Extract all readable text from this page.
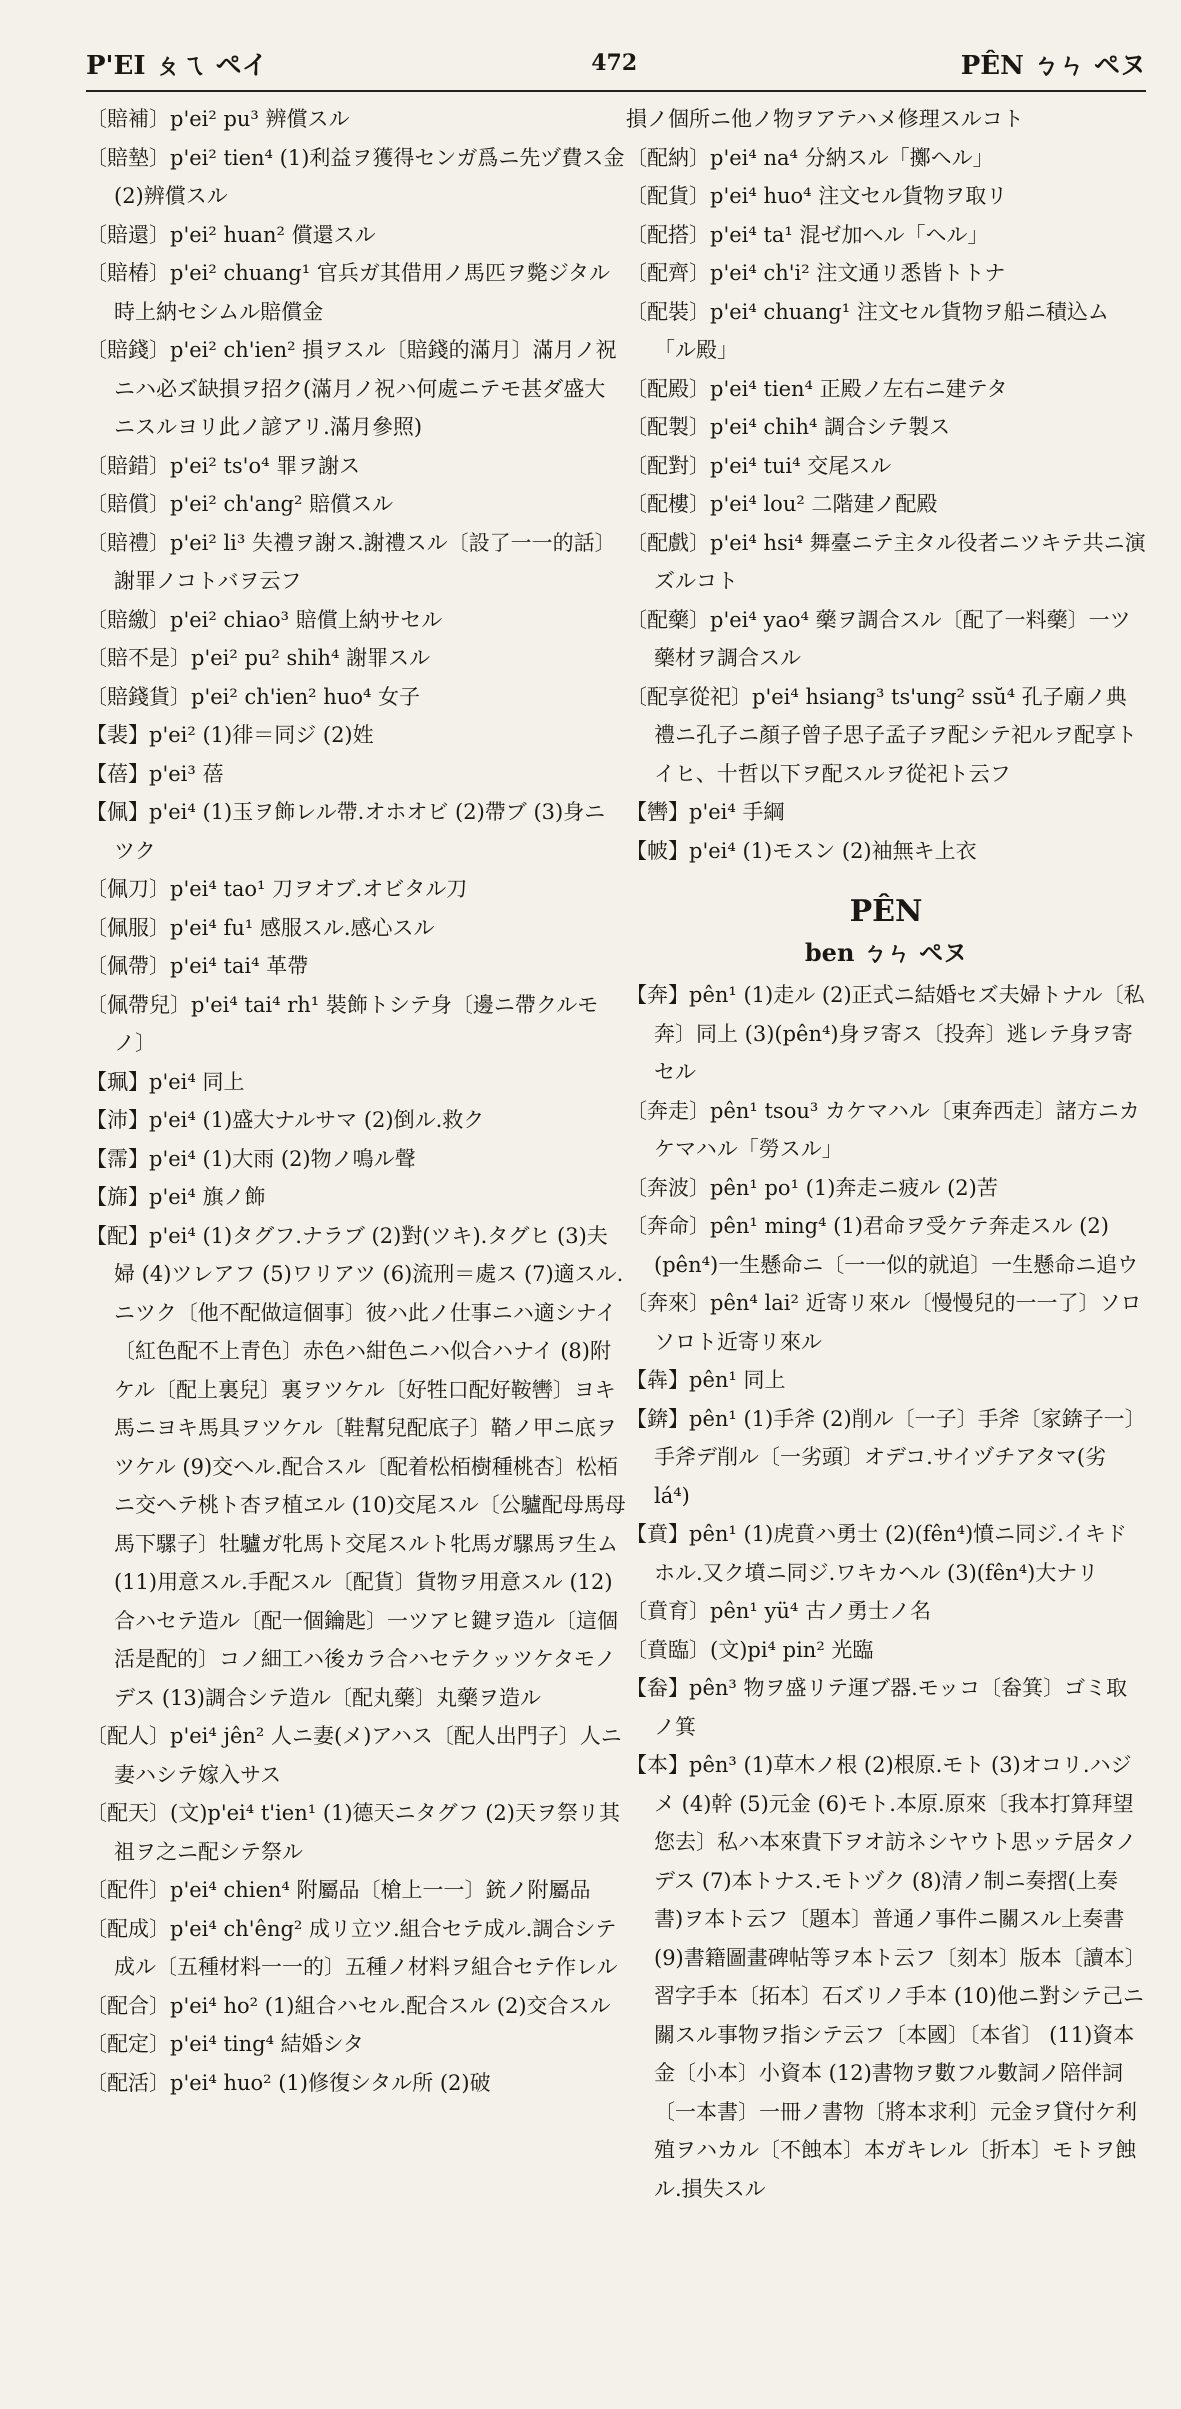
P'EI ㄆㄟ ペイ	472	PÊN ㄅㄣ ペヌ
〔賠補〕p'ei² pu³ 辨償スル
〔賠墊〕p'ei² tien⁴ (1)利益ヲ獲得センガ爲ニ先ヅ費ス金 (2)辨償スル
〔賠還〕p'ei² huan² 償還スル
〔賠椿〕p'ei² chuang¹ 官兵ガ其借用ノ馬匹ヲ斃ジタル時上納セシムル賠償金
〔賠錢〕p'ei² ch'ien² 損ヲスル〔賠錢的滿月〕滿月ノ祝ニハ必ズ缺損ヲ招ク(滿月ノ祝ハ何處ニテモ甚ダ盛大ニスルヨリ此ノ諺アリ.滿月參照)
〔賠錯〕p'ei² ts'o⁴ 罪ヲ謝ス
〔賠償〕p'ei² ch'ang² 賠償スル
〔賠禮〕p'ei² li³ 失禮ヲ謝ス.謝禮スル〔設了一一的話〕謝罪ノコトバヲ云フ
〔賠繳〕p'ei² chiao³ 賠償上納サセル
〔賠不是〕p'ei² pu² shih⁴ 謝罪スル
〔賠錢貨〕p'ei² ch'ien² huo⁴ 女子
【裴】p'ei² (1)徘＝同ジ (2)姓
【蓓】p'ei³ 蓓
【佩】p'ei⁴ (1)玉ヲ飾レル帶.オホオビ (2)帶ブ (3)身ニツク
〔佩刀〕p'ei⁴ tao¹ 刀ヲオブ.オビタル刀
〔佩服〕p'ei⁴ fu¹ 感服スル.感心スル
〔佩帶〕p'ei⁴ tai⁴ 革帶
〔佩帶兒〕p'ei⁴ tai⁴ rh¹ 裝飾トシテ身〔邊ニ帶クルモノ〕
【珮】p'ei⁴ 同上
【沛】p'ei⁴ (1)盛大ナルサマ (2)倒ル.救ク
【霈】p'ei⁴ (1)大雨 (2)物ノ鳴ル聲
【旆】p'ei⁴ 旗ノ飾
【配】p'ei⁴ (1)タグフ.ナラブ (2)對(ツキ).タグヒ (3)夫婦 (4)ツレアフ (5)ワリアツ (6)流刑＝處ス (7)適スル.ニツク〔他不配做這個事〕彼ハ此ノ仕事ニハ適シナイ〔紅色配不上青色〕赤色ハ紺色ニハ似合ハナイ (8)附ケル〔配上裏兒〕裏ヲツケル〔好牲口配好鞍轡〕ヨキ馬ニヨキ馬具ヲツケル〔鞋幫兒配底子〕鞜ノ甲ニ底ヲツケル (9)交ヘル.配合スル〔配着松栢樹種桃杏〕松栢ニ交ヘテ桃ト杏ヲ植ヱル (10)交尾スル〔公驢配母馬母馬下騾子〕牡驢ガ牝馬ト交尾スルト牝馬ガ騾馬ヲ生ム (11)用意スル.手配スル〔配貨〕貨物ヲ用意スル (12)合ハセテ造ル〔配一個鑰匙〕一ツアヒ鍵ヲ造ル〔這個活是配的〕コノ細工ハ後カラ合ハセテクッツケタモノデス (13)調合シテ造ル〔配丸藥〕丸藥ヲ造ル
〔配人〕p'ei⁴ jên² 人ニ妻(メ)アハス〔配人出門子〕人ニ妻ハシテ嫁入サス
〔配天〕(文)p'ei⁴ t'ien¹ (1)德天ニタグフ (2)天ヲ祭リ其祖ヲ之ニ配シテ祭ル
〔配件〕p'ei⁴ chien⁴ 附屬品〔槍上一一〕銃ノ附屬品
〔配成〕p'ei⁴ ch'êng² 成リ立ツ.組合セテ成ル.調合シテ成ル〔五種材料一一的〕五種ノ材料ヲ組合セテ作レル
〔配合〕p'ei⁴ ho² (1)組合ハセル.配合スル (2)交合スル
〔配定〕p'ei⁴ ting⁴ 結婚シタ
〔配活〕p'ei⁴ huo² (1)修復シタル所 (2)破
損ノ個所ニ他ノ物ヲアテハメ修理スルコト
〔配納〕p'ei⁴ na⁴ 分納スル「擲ヘル」
〔配貨〕p'ei⁴ huo⁴ 注文セル貨物ヲ取リ
〔配搭〕p'ei⁴ ta¹ 混ゼ加ヘル「ヘル」
〔配齊〕p'ei⁴ ch'i² 注文通リ悉皆トトナ
〔配裝〕p'ei⁴ chuang¹ 注文セル貨物ヲ船ニ積込ム「ル殿」
〔配殿〕p'ei⁴ tien⁴ 正殿ノ左右ニ建テタ
〔配製〕p'ei⁴ chih⁴ 調合シテ製ス
〔配對〕p'ei⁴ tui⁴ 交尾スル
〔配樓〕p'ei⁴ lou² 二階建ノ配殿
〔配戲〕p'ei⁴ hsi⁴ 舞臺ニテ主タル役者ニツキテ共ニ演ズルコト
〔配藥〕p'ei⁴ yao⁴ 藥ヲ調合スル〔配了一料藥〕一ツ藥材ヲ調合スル
〔配享從祀〕p'ei⁴ hsiang³ ts'ung² ssŭ⁴ 孔子廟ノ典禮ニ孔子ニ顏子曾子思子孟子ヲ配シテ祀ルヲ配享トイヒ、十哲以下ヲ配スルヲ從祀ト云フ
【轡】p'ei⁴ 手綱
【帔】p'ei⁴ (1)モスン (2)袖無キ上衣
PÊN
ben ㄅㄣ ペヌ
【奔】pên¹ (1)走ル (2)正式ニ結婚セズ夫婦トナル〔私奔〕同上 (3)(pên⁴)身ヲ寄ス〔投奔〕逃レテ身ヲ寄セル
〔奔走〕pên¹ tsou³ カケマハル〔東奔西走〕諸方ニカケマハル「勞スル」
〔奔波〕pên¹ po¹ (1)奔走ニ疲ル (2)苦
〔奔命〕pên¹ ming⁴ (1)君命ヲ受ケテ奔走スル (2)(pên⁴)一生懸命ニ〔一一似的就追〕一生懸命ニ追ウ
〔奔來〕pên⁴ lai² 近寄リ來ル〔慢慢兒的一一了〕ソロソロト近寄リ來ル
【犇】pên¹ 同上
【錛】pên¹ (1)手斧 (2)削ル〔一子〕手斧〔家錛子一〕手斧デ削ル〔一劣頭〕オデコ.サイヅチアタマ(劣 lá⁴)
【賁】pên¹ (1)虎賁ハ勇士 (2)(fên⁴)憤ニ同ジ.イキドホル.又ク墳ニ同ジ.ワキカヘル (3)(fên⁴)大ナリ
〔賁育〕pên¹ yü⁴ 古ノ勇士ノ名
〔賁臨〕(文)pi⁴ pin² 光臨
【畚】pên³ 物ヲ盛リテ運ブ器.モッコ〔畚箕〕ゴミ取ノ箕
【本】pên³ (1)草木ノ根 (2)根原.モト (3)オコリ.ハジメ (4)幹 (5)元金 (6)モト.本原.原來〔我本打算拜望您去〕私ハ本來貴下ヲオ訪ネシヤウト思ッテ居タノデス (7)本トナス.モトヅク (8)清ノ制ニ奏摺(上奏書)ヲ本ト云フ〔題本〕普通ノ事件ニ關スル上奏書 (9)書籍圖畫碑帖等ヲ本ト云フ〔刻本〕版本〔讀本〕習字手本〔拓本〕石ズリノ手本 (10)他ニ對シテ己ニ關スル事物ヲ指シテ云フ〔本國〕〔本省〕 (11)資本金〔小本〕小資本 (12)書物ヲ數フル數詞ノ陪伴詞〔一本書〕一冊ノ書物〔將本求利〕元金ヲ貸付ケ利殖ヲハカル〔不蝕本〕本ガキレル〔折本〕モトヲ蝕ル.損失スル
